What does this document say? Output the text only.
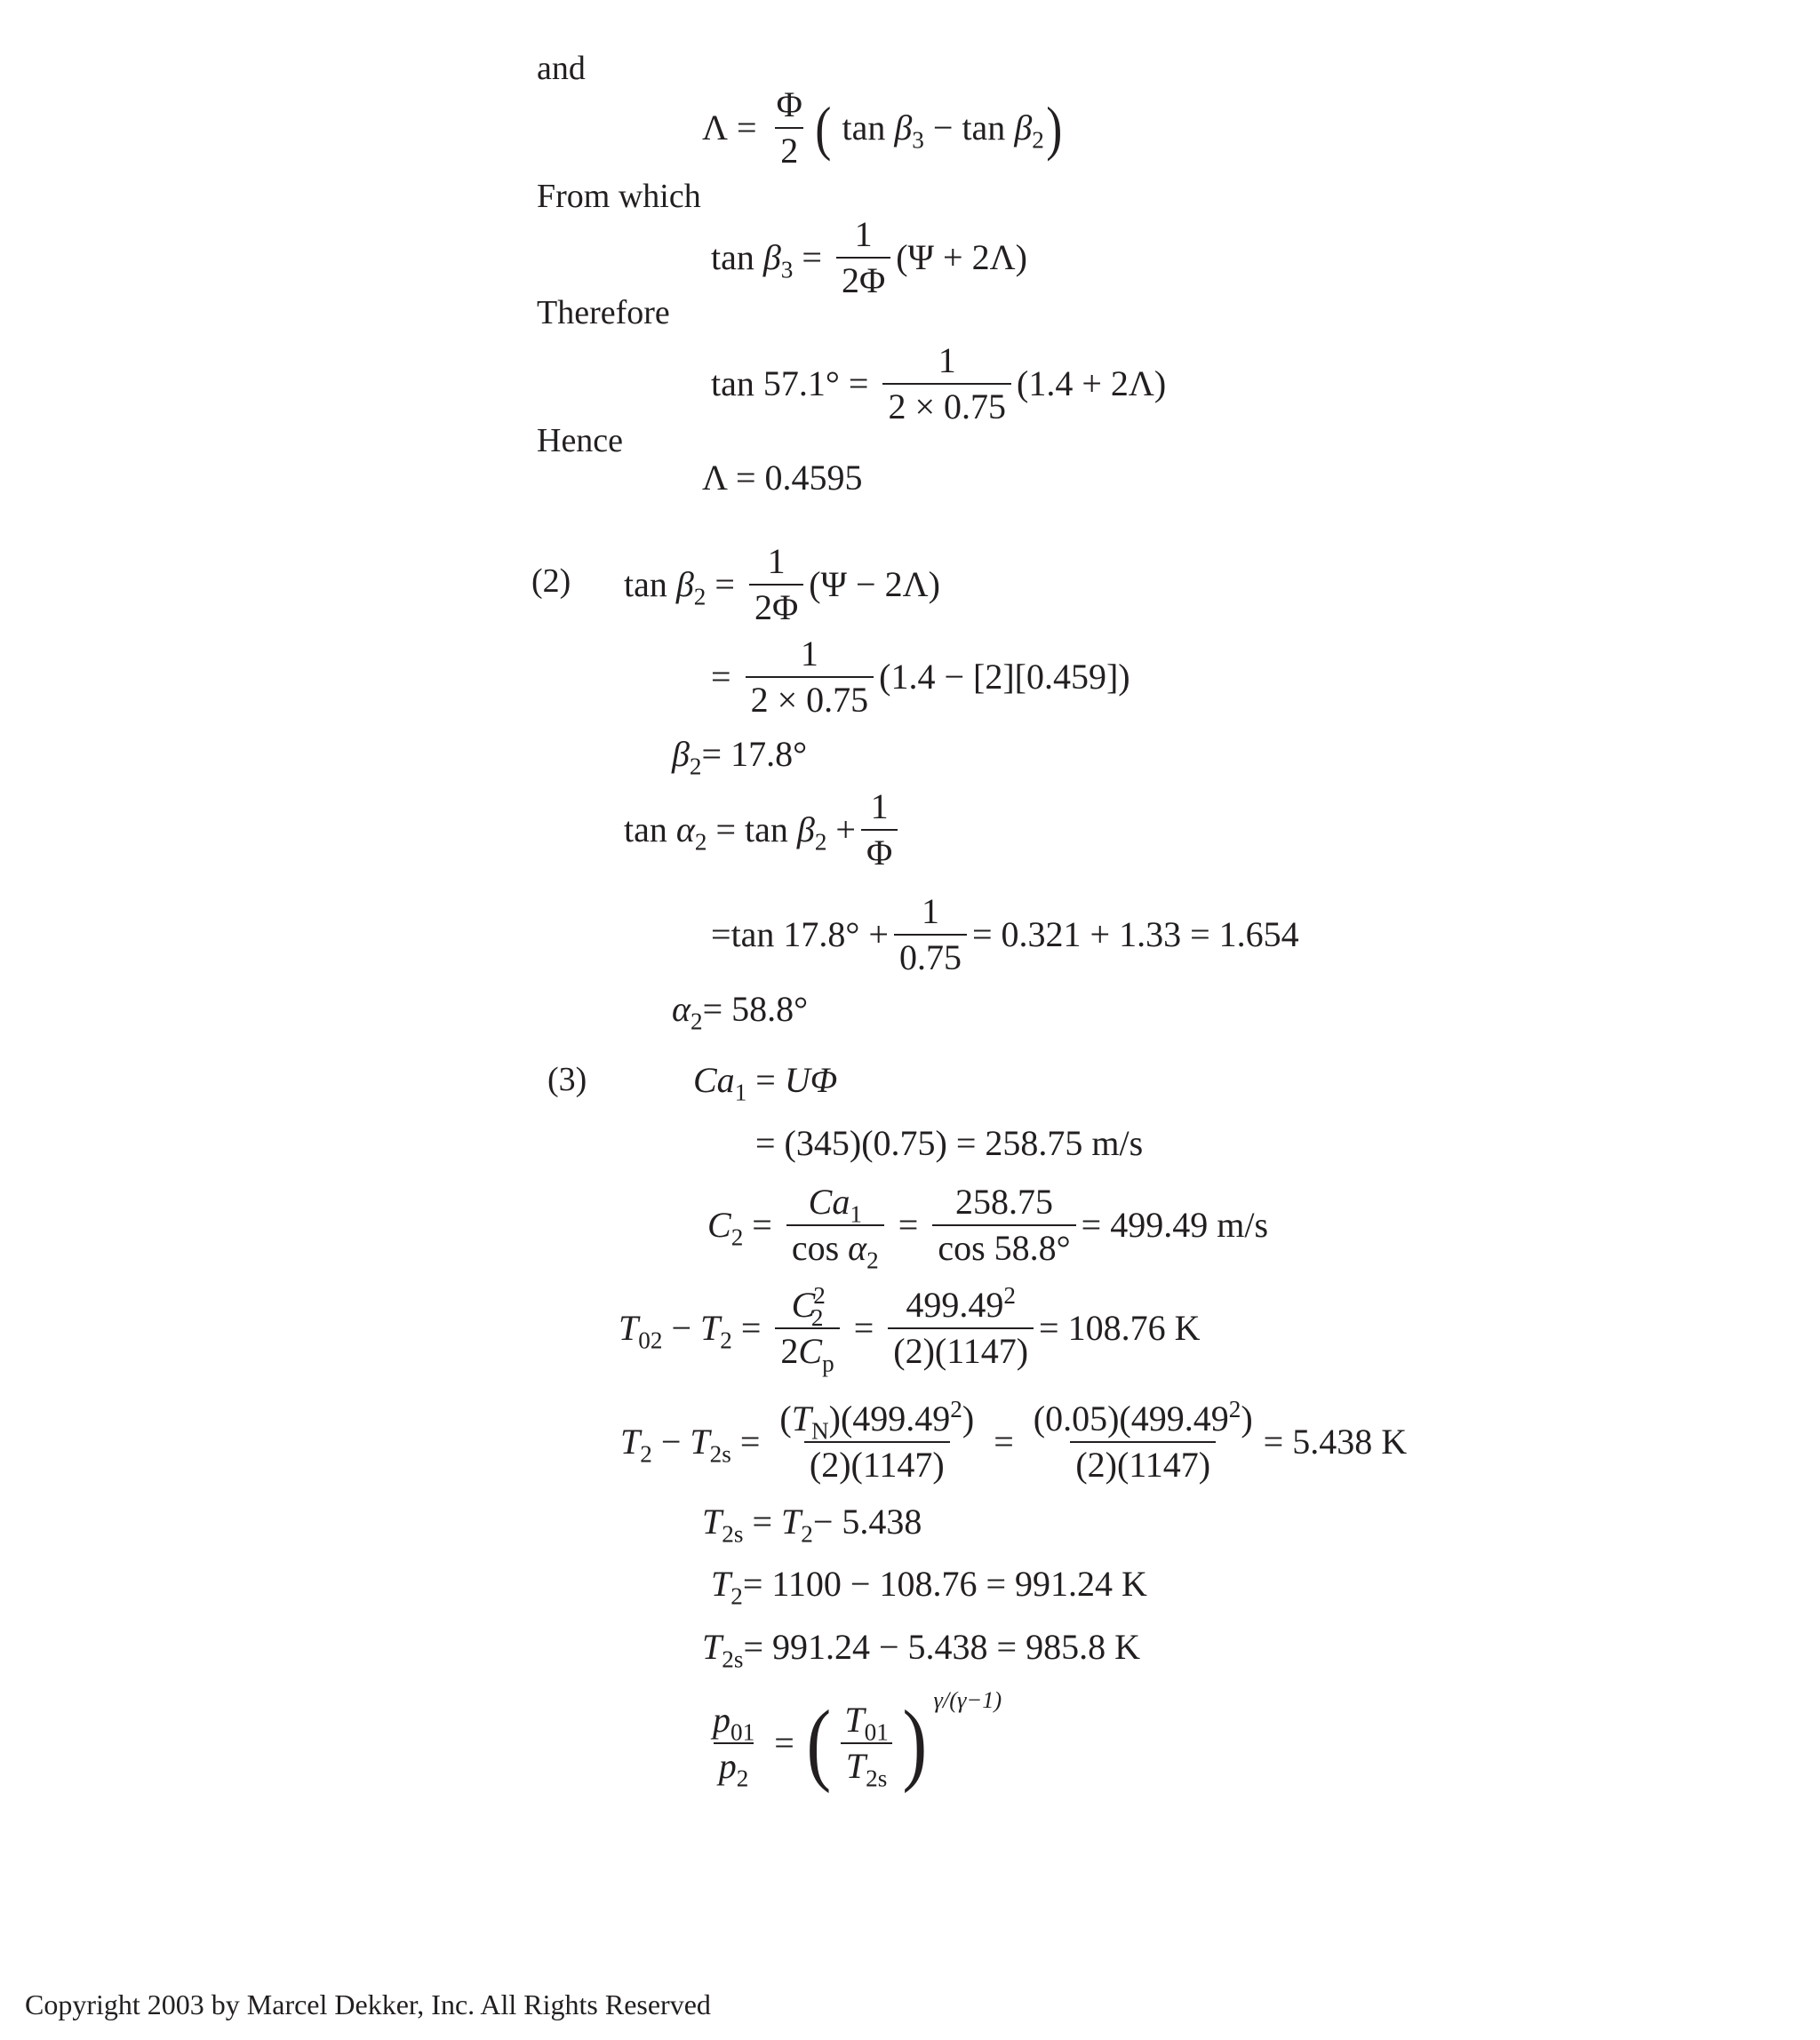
and
From which
Therefore
Hence
(2)
(3)
$\Lambda = \frac{\Phi}{2}$ ( $\tan \beta_3 - \tan \beta_2$ )
$\tan \beta_3 = \frac{1}{2\Phi} (\Psi + 2\Lambda)$
$\tan 57.1^\circ = \frac{1}{2 \times 0.75} (1.4 + 2\Lambda)$
Λ = 0.4595
$\tan \beta_2 = \frac{1}{2\Phi} (\Psi - 2\Lambda)$
= $\frac{1}{2 \times 0.75} (1.4 - [2][0.459])$
$\beta_2 = 17.8^\circ$
$\tan \alpha_2 = \tan \beta_2 + \frac{1}{\Phi}$
= $\tan 17.8^\circ + \frac{1}{0.75} = 0.321 + 1.33 = 1.654$
$\alpha_2 = 58.8^\circ$
$Ca_1 = U\Phi$
= (345)(0.75) = 258.75 m/s
$C_2 = \frac{Ca_1}{\cos \alpha_2} = \frac{258.75}{\cos 58.8^\circ} = 499.49$ m/s
$T_{02} - T_2 = \frac{C^2_2}{2C_p} = \frac{499.49^2}{(2)(1147)} = 108.76$ K
$T_2 - T_{2s} = \frac{(T_N)(499.49^2)}{(2)(1147)} = \frac{(0.05)(499.49^2)}{(2)(1147)} = 5.438$ K
$T_{2s} = T_2 - 5.438$
$T_2 = 1100 - 108.76 = 991.24$ K
$T_{2s} = 991.24 - 5.438 = 985.8$ K
$\frac{p_{01}}{p_2}$ = ( $\frac{T_{01}}{T_{2s}}$ ) γ/(γ−1)
Copyright 2003 by Marcel Dekker, Inc. All Rights Reserved
